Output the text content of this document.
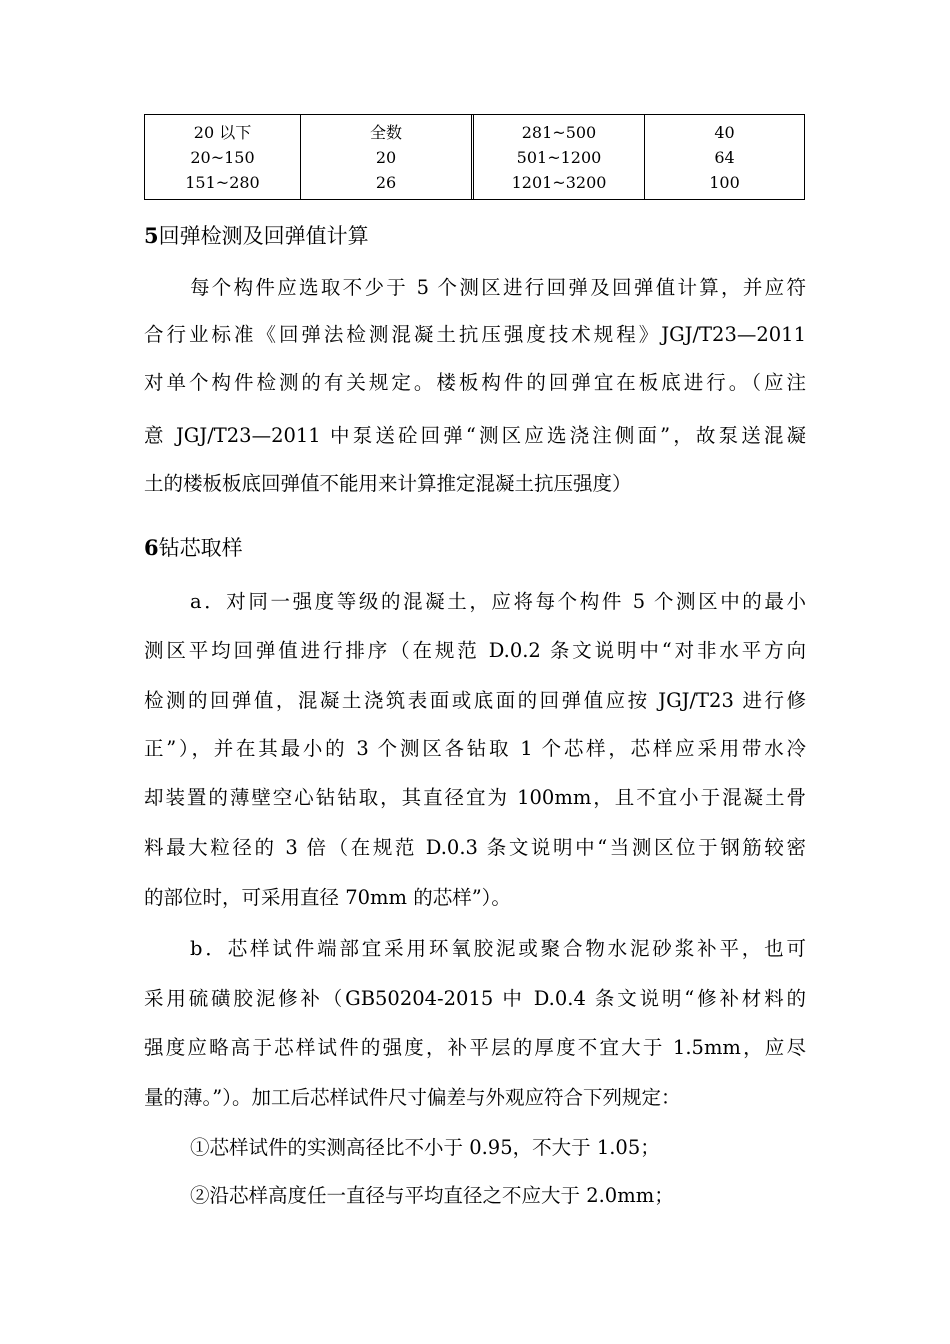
20 以下
20~150
151~280
全数
20
26
281~500
501~1200
1201~3200
40
64
100
5回弹检测及回弹值计算
每个构件应选取不少于 5 个测区进行回弹及回弹值计算，并应符
合行业标准《回弹法检测混凝土抗压强度技术规程》JGJ/T23—2011
对单个构件检测的有关规定。楼板构件的回弹宜在板底进行。（应注
意 JGJ/T23—2011 中泵送砼回弹“测区应选浇注侧面”，故泵送混凝
土的楼板板底回弹值不能用来计算推定混凝土抗压强度）
6钻芯取样
a．对同一强度等级的混凝土，应将每个构件 5 个测区中的最小
测区平均回弹值进行排序（在规范 D.0.2 条文说明中“对非水平方向
检测的回弹值，混凝土浇筑表面或底面的回弹值应按 JGJ/T23 进行修
正”），并在其最小的 3 个测区各钻取 1 个芯样，芯样应采用带水冷
却装置的薄壁空心钻钻取，其直径宜为 100mm，且不宜小于混凝土骨
料最大粒径的 3 倍（在规范 D.0.3 条文说明中“当测区位于钢筋较密
的部位时，可采用直径 70mm 的芯样”）。
b．芯样试件端部宜采用环氧胶泥或聚合物水泥砂浆补平，也可
采用硫磺胶泥修补（GB50204-2015 中 D.0.4 条文说明“修补材料的
强度应略高于芯样试件的强度，补平层的厚度不宜大于 1.5mm，应尽
量的薄。”）。加工后芯样试件尺寸偏差与外观应符合下列规定：
①芯样试件的实测高径比不小于 0.95，不大于 1.05；
②沿芯样高度任一直径与平均直径之不应大于 2.0mm；
